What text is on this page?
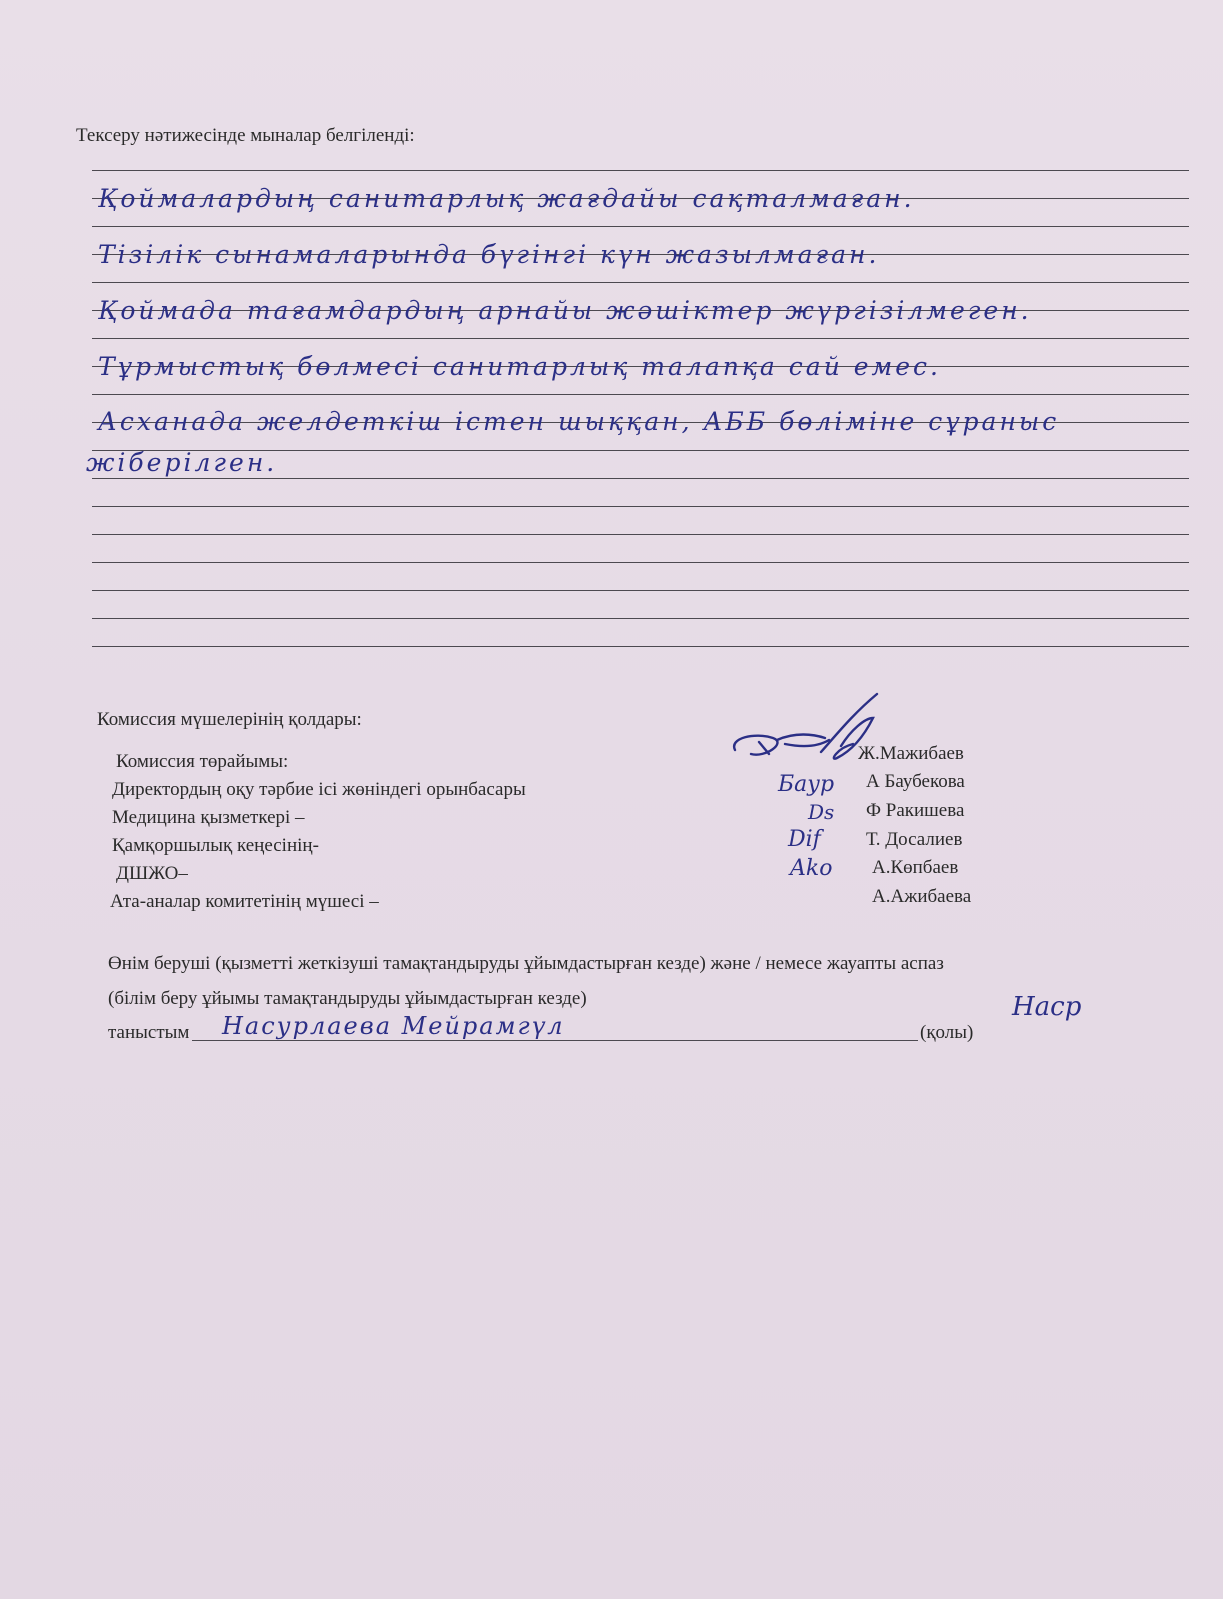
Тексеру нәтижесінде мыналар белгіленді:
Қоймалардың санитарлық жағдайы сақталмаған.
Тізілік сынамаларында бүгінгі күн жазылмаған.
Қоймада тағамдардың арнайы жәшіктер жүргізілмеген.
Тұрмыстық бөлмесі санитарлық талапқа сай емес.
Асханада желдеткіш істен шыққан, АББ бөліміне сұраныс
жіберілген.
Комиссия мүшелерінің қолдары:
Комиссия төрайымы:
Директордың оқу тәрбие ісі жөніндегі орынбасары
Медицина қызметкері –
Қамқоршылық кеңесінің-
ДШЖО–
Ата-аналар комитетінің мүшесі –
Ж.Мажибаев
А Баубекова
Ф Ракишева
Т. Досалиев
А.Көпбаев
А.Ажибаева
Баур
Ds
Dif
Ako
Өнім беруші (қызметті жеткізуші тамақтандыруды ұйымдастырған кезде) және / немесе жауапты аспаз
(білім беру ұйымы тамақтандыруды ұйымдастырған кезде)
таныстым Насурлаева Мейрамгүл	(қолы)
Наср
